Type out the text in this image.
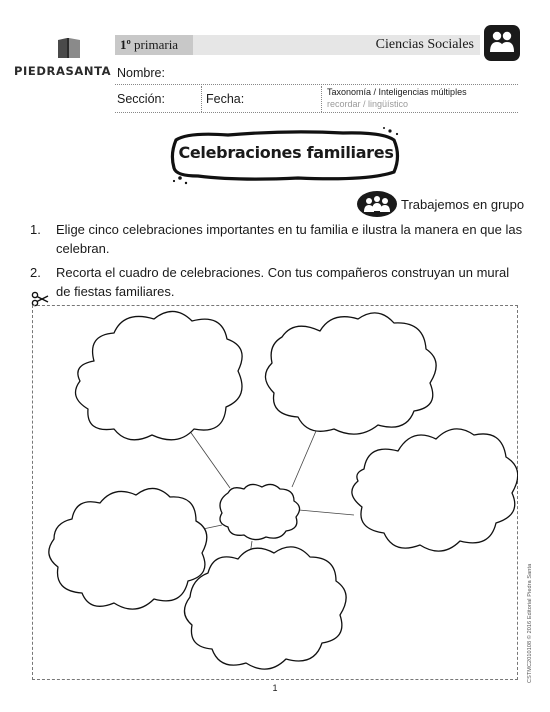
PIEDRASANTA
1º primaria	Ciencias Sociales
Nombre:
Sección:	Fecha:	Taxonomía / Inteligencias múltiples
recordar / lingüístico
Celebraciones familiares
Trabajemos en grupo
1. Elige cinco celebraciones importantes en tu familia e ilustra la manera en que las celebran.
2. Recorta el cuadro de celebraciones. Con tus compañeros construyan un mural de fiestas familiares.
CSTMC2010108 © 2016 Editorial Piedra Santa
1
